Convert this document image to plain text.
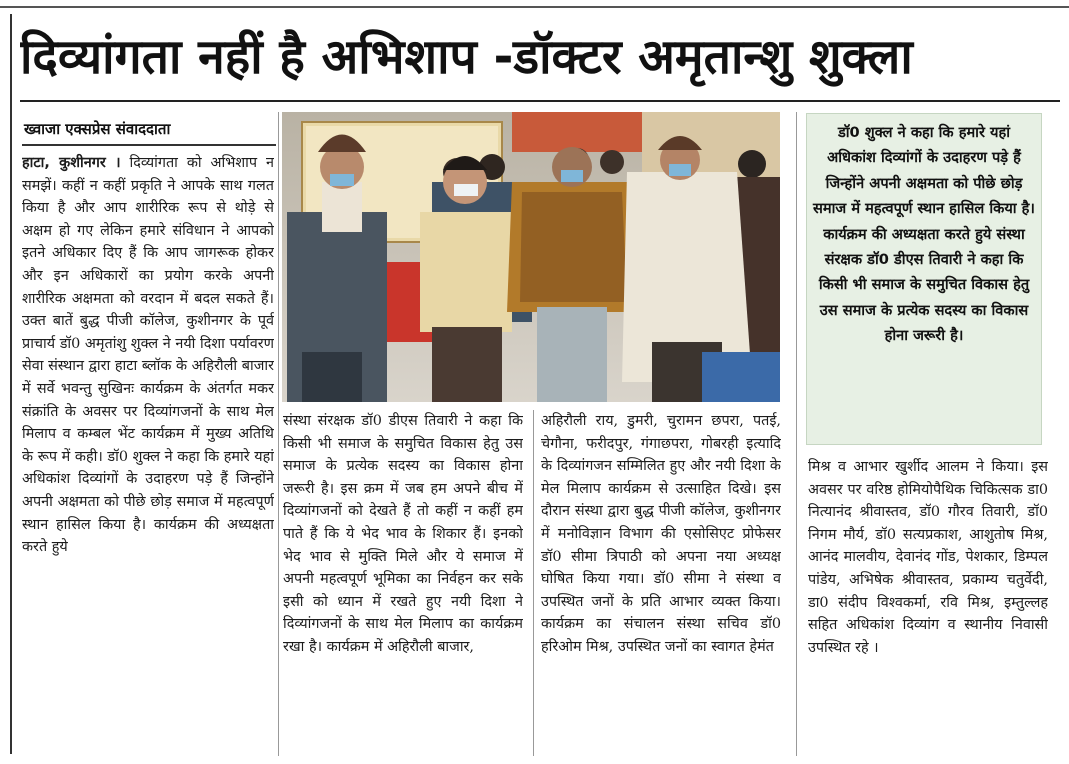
दिव्यांगता नहीं है अभिशाप -डॉक्टर अमृतान्शु शुक्ला
ख्वाजा एक्सप्रेस संवाददाता
हाटा, कुशीनगर । दिव्यांगता को अभिशाप न समझें। कहीं न कहीं प्रकृति ने आपके साथ गलत किया है और आप शारीरिक रूप से थोड़े से अक्षम हो गए लेकिन हमारे संविधान ने आपको इतने अधिकार दिए हैं कि आप जागरूक होकर और इन अधिकारों का प्रयोग करके अपनी शारीरिक अक्षमता को वरदान में बदल सकते हैं। उक्त बातें बुद्ध पीजी कॉलेज, कुशीनगर के पूर्व प्राचार्य डॉ0 अमृतांशु शुक्ल ने नयी दिशा पर्यावरण सेवा संस्थान द्वारा हाटा ब्लॉक के अहिरौली बाजार में सर्वे भवन्तु सुखिनः कार्यक्रम के अंतर्गत मकर संक्रांति के अवसर पर दिव्यांगजनों के साथ मेल मिलाप व कम्बल भेंट कार्यक्रम में मुख्य अतिथि के रूप में कही। डॉ0 शुक्ल ने कहा कि हमारे यहां अधिकांश दिव्यांगों के उदाहरण पड़े हैं जिन्होंने अपनी अक्षमता को पीछे छोड़ समाज में महत्वपूर्ण स्थान हासिल किया है। कार्यक्रम की अध्यक्षता करते हुये
संस्था संरक्षक डॉ0 डीएस तिवारी ने कहा कि किसी भी समाज के समुचित विकास हेतु उस समाज के प्रत्येक सदस्य का विकास होना जरूरी है। इस क्रम में जब हम अपने बीच में दिव्यांगजनों को देखते हैं तो कहीं न कहीं हम पाते हैं कि ये भेद भाव के शिकार हैं। इनको भेद भाव से मुक्ति मिले और ये समाज में अपनी महत्वपूर्ण भूमिका का निर्वहन कर सके इसी को ध्यान में रखते हुए नयी दिशा ने दिव्यांगजनों के साथ मेल मिलाप का कार्यक्रम रखा है। कार्यक्रम में अहिरौली बाजार,
अहिरौली राय, डुमरी, चुरामन छपरा, पतई, चेगौना, फरीदपुर, गंगाछपरा, गोबरही इत्यादि के दिव्यांगजन सम्मिलित हुए और नयी दिशा के मेल मिलाप कार्यक्रम से उत्साहित दिखे। इस दौरान संस्था द्वारा बुद्ध पीजी कॉलेज, कुशीनगर में मनोविज्ञान विभाग की एसोसिएट प्रोफेसर डॉ0 सीमा त्रिपाठी को अपना नया अध्यक्ष घोषित किया गया। डॉ0 सीमा ने संस्था व उपस्थित जनों के प्रति आभार व्यक्त किया। कार्यक्रम का संचालन संस्था सचिव डॉ0 हरिओम मिश्र, उपस्थित जनों का स्वागत हेमंत
डॉ0 शुक्ल ने कहा कि हमारे यहां अधिकांश दिव्यांगों के उदाहरण पड़े हैं जिन्होंने अपनी अक्षमता को पीछे छोड़ समाज में महत्वपूर्ण स्थान हासिल किया है। कार्यक्रम की अध्यक्षता करते हुये संस्था संरक्षक डॉ0 डीएस तिवारी ने कहा कि किसी भी समाज के समुचित विकास हेतु उस समाज के प्रत्येक सदस्य का विकास होना जरूरी है।
मिश्र व आभार खुर्शीद आलम ने किया। इस अवसर पर वरिष्ठ होमियोपैथिक चिकित्सक डा0 नित्यानंद श्रीवास्तव, डॉ0 गौरव तिवारी, डॉ0 निगम मौर्य, डॉ0 सत्यप्रकाश, आशुतोष मिश्र, आनंद मालवीय, देवानंद गोंड, पेशकार, डिम्पल पांडेय, अभिषेक श्रीवास्तव, प्रकाम्य चतुर्वेदी, डा0 संदीप विश्वकर्मा, रवि मिश्र, इम्तुल्लह सहित अधिकांश दिव्यांग व स्थानीय निवासी उपस्थित रहे ।
